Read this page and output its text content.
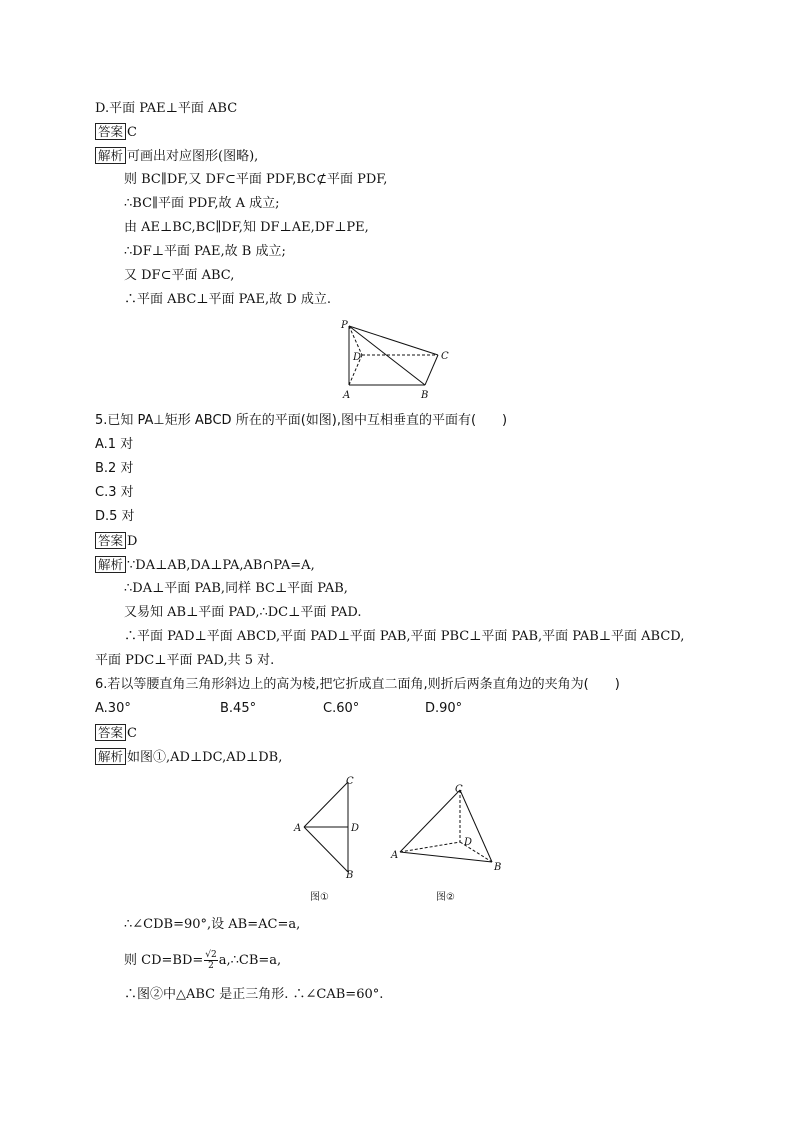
D.平面 PAE⊥平面 ABC
答案 C
解析 可画出对应图形(图略),
则 BC∥DF,又 DF⊂平面 PDF,BC⊄平面 PDF,
∴BC∥平面 PDF,故 A 成立;
由 AE⊥BC,BC∥DF,知 DF⊥AE,DF⊥PE,
∴DF⊥平面 PAE,故 B 成立;
又 DF⊂平面 ABC,
∴平面 ABC⊥平面 PAE,故 D 成立.
P
D	C
A	B
5.已知 PA⊥矩形 ABCD 所在的平面(如图),图中互相垂直的平面有(　　)
A.1 对
B.2 对
C.3 对
D.5 对
答案 D
解析 ∵DA⊥AB,DA⊥PA,AB∩PA=A,
∴DA⊥平面 PAB,同样 BC⊥平面 PAB,
又易知 AB⊥平面 PAD,∴DC⊥平面 PAD.
∴平面 PAD⊥平面 ABCD,平面 PAD⊥平面 PAB,平面 PBC⊥平面 PAB,平面 PAB⊥平面 ABCD,
平面 PDC⊥平面 PAD,共 5 对.
6.若以等腰直角三角形斜边上的高为棱,把它折成直二面角,则折后两条直角边的夹角为(　　)
A.30°	B.45°	C.60°	D.90°
答案 C
解析 如图①,AD⊥DC,AD⊥DB,
C
A	D
B
图①
C
A
D
B
图②
∴∠CDB=90°,设 AB=AC=a,
则 $CD=BD= \frac{√2}{2}$ a,∴CB=a,
∴图②中△ABC 是正三角形. ∴∠CAB=60°.
